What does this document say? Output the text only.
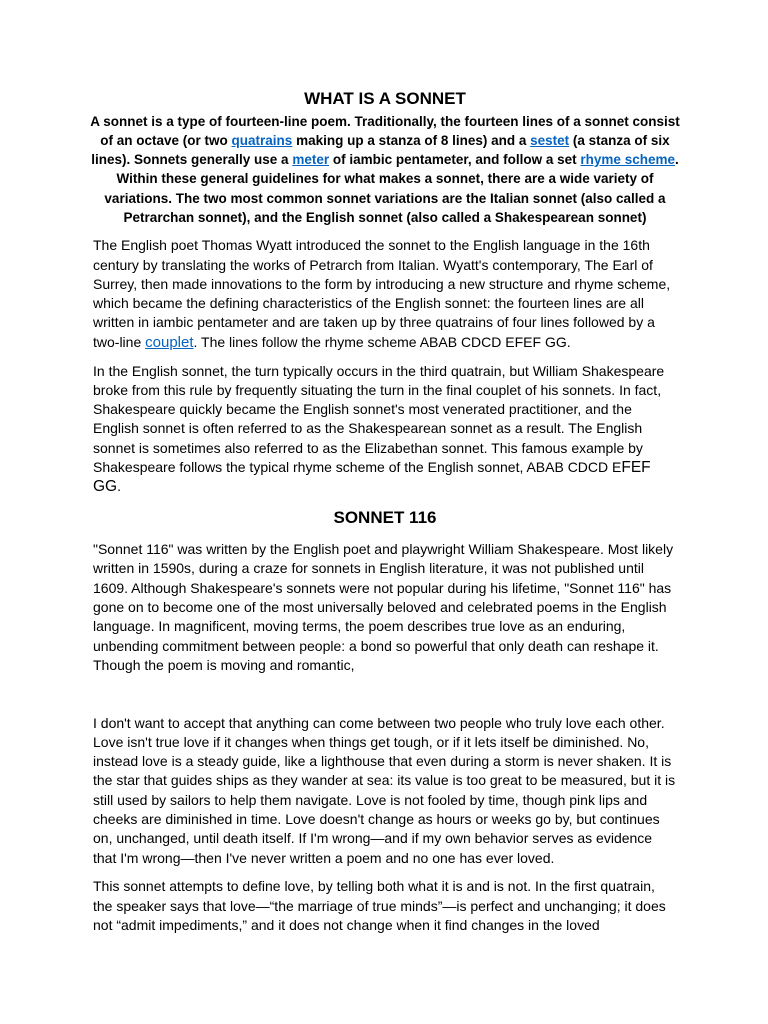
WHAT IS A SONNET

A sonnet is a type of fourteen-line poem. Traditionally, the fourteen lines of a sonnet consist of an octave (or two quatrains making up a stanza of 8 lines) and a sestet (a stanza of six lines). Sonnets generally use a meter of iambic pentameter, and follow a set rhyme scheme. Within these general guidelines for what makes a sonnet, there are a wide variety of variations. The two most common sonnet variations are the Italian sonnet (also called a Petrarchan sonnet), and the English sonnet (also called a Shakespearean sonnet)

The English poet Thomas Wyatt introduced the sonnet to the English language in the 16th century by translating the works of Petrarch from Italian. Wyatt's contemporary, The Earl of Surrey, then made innovations to the form by introducing a new structure and rhyme scheme, which became the defining characteristics of the English sonnet: the fourteen lines are all written in iambic pentameter and are taken up by three quatrains of four lines followed by a two-line couplet. The lines follow the rhyme scheme ABAB CDCD EFEF GG.

In the English sonnet, the turn typically occurs in the third quatrain, but William Shakespeare broke from this rule by frequently situating the turn in the final couplet of his sonnets. In fact, Shakespeare quickly became the English sonnet's most venerated practitioner, and the English sonnet is often referred to as the Shakespearean sonnet as a result. The English sonnet is sometimes also referred to as the Elizabethan sonnet. This famous example by Shakespeare follows the typical rhyme scheme of the English sonnet, ABAB CDCD EFEF GG.

SONNET 116

"Sonnet 116" was written by the English poet and playwright William Shakespeare. Most likely written in 1590s, during a craze for sonnets in English literature, it was not published until 1609. Although Shakespeare's sonnets were not popular during his lifetime, "Sonnet 116" has gone on to become one of the most universally beloved and celebrated poems in the English language. In magnificent, moving terms, the poem describes true love as an enduring, unbending commitment between people: a bond so powerful that only death can reshape it. Though the poem is moving and romantic,

I don't want to accept that anything can come between two people who truly love each other. Love isn't true love if it changes when things get tough, or if it lets itself be diminished. No, instead love is a steady guide, like a lighthouse that even during a storm is never shaken. It is the star that guides ships as they wander at sea: its value is too great to be measured, but it is still used by sailors to help them navigate. Love is not fooled by time, though pink lips and cheeks are diminished in time. Love doesn't change as hours or weeks go by, but continues on, unchanged, until death itself. If I'm wrong—and if my own behavior serves as evidence that I'm wrong—then I've never written a poem and no one has ever loved.

This sonnet attempts to define love, by telling both what it is and is not. In the first quatrain, the speaker says that love—“the marriage of true minds”—is perfect and unchanging; it does not “admit impediments,” and it does not change when it find changes in the loved
